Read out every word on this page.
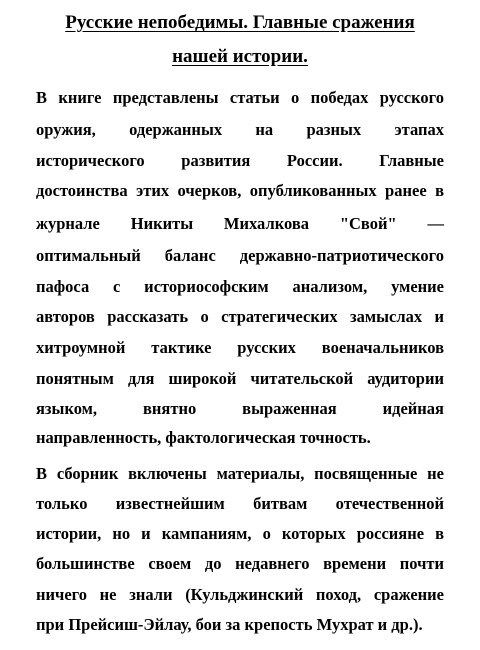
Русские непобедимы. Главные сражения
нашей истории.
В книге представлены статьи о победах русского
оружия, одержанных на разных этапах
исторического развития России. Главные
достоинства этих очерков, опубликованных ранее в
журнале Никиты Михалкова "Свой" —
оптимальный баланс державно-патриотического
пафоса с историософским анализом, умение
авторов рассказать о стратегических замыслах и
хитроумной тактике русских военачальников
понятным для широкой читательской аудитории
языком, внятно выраженная идейная
направленность, фактологическая точность.
В сборник включены материалы, посвященные не
только известнейшим битвам отечественной
истории, но и кампаниям, о которых россияне в
большинстве своем до недавнего времени почти
ничего не знали (Кульджинский поход, сражение
при Прейсиш-Эйлау, бои за крепость Мухрат и др.).
